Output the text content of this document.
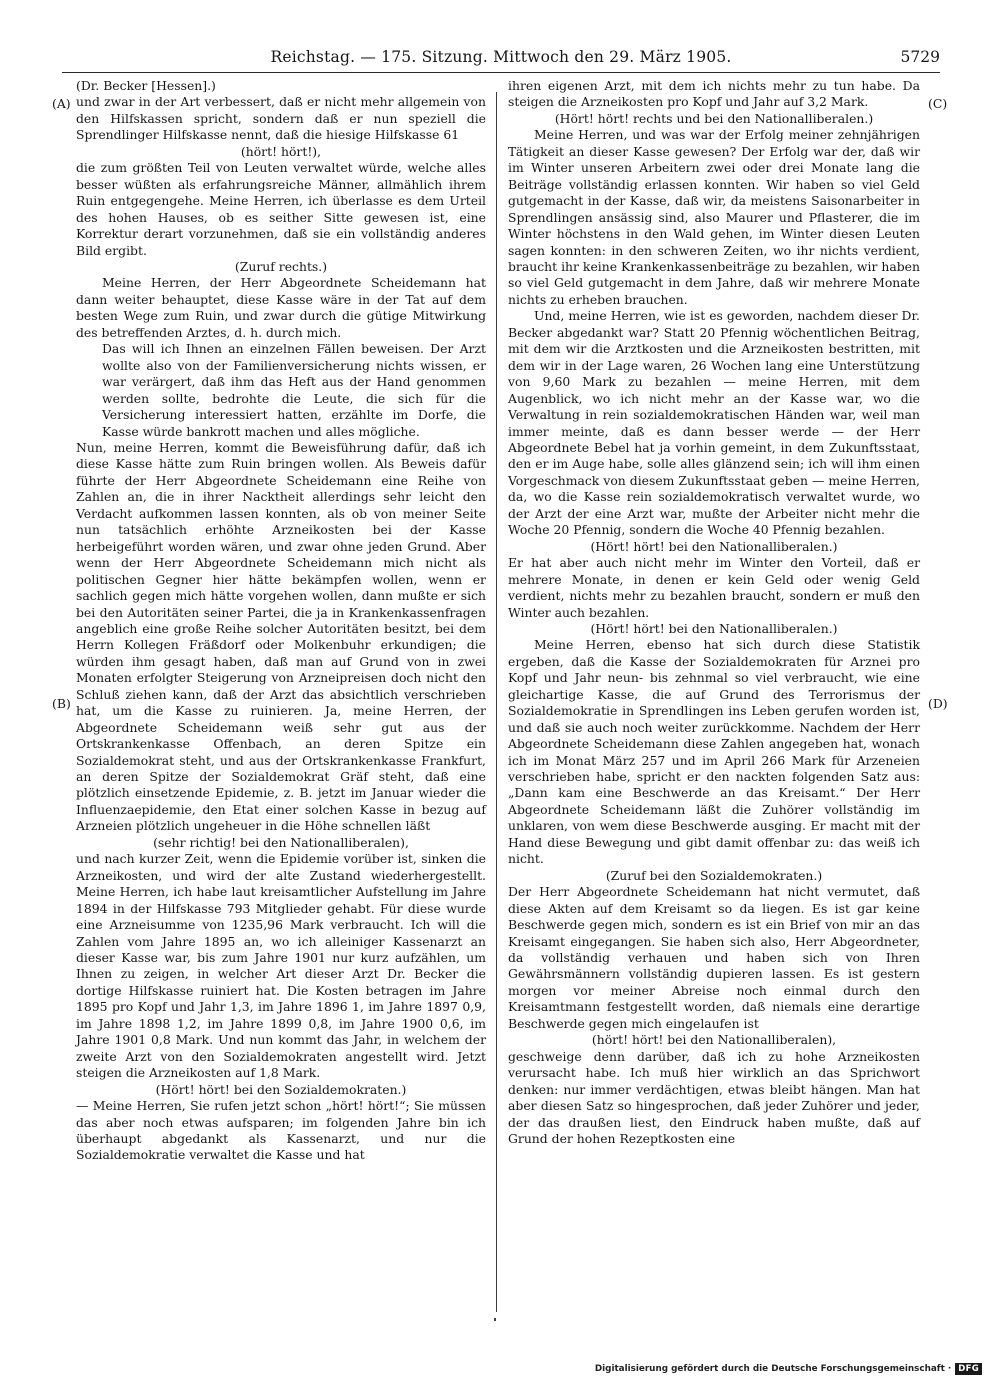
Reichstag. — 175. Sitzung. Mittwoch den 29. März 1905.	5729
(A)
(B)
(C)
(D)

(Dr. Becker [Hessen].)

und zwar in der Art verbessert, daß er nicht mehr allgemein von den Hilfskassen spricht, sondern daß er nun speziell die Sprendlinger Hilfskasse nennt, daß die hiesige Hilfskasse 61

(hört! hört!),

die zum größten Teil von Leuten verwaltet würde, welche alles besser wüßten als erfahrungsreiche Männer, allmählich ihrem Ruin entgegengehe. Meine Herren, ich überlasse es dem Urteil des hohen Hauses, ob es seither Sitte gewesen ist, eine Korrektur derart vorzunehmen, daß sie ein vollständig anderes Bild ergibt.

(Zuruf rechts.)

Meine Herren, der Herr Abgeordnete Scheidemann hat dann weiter behauptet, diese Kasse wäre in der Tat auf dem besten Wege zum Ruin, und zwar durch die gütige Mitwirkung des betreffenden Arztes, d. h. durch mich.

Das will ich Ihnen an einzelnen Fällen beweisen. Der Arzt wollte also von der Familienversicherung nichts wissen, er war verärgert, daß ihm das Heft aus der Hand genommen werden sollte, bedrohte die Leute, die sich für die Versicherung interessiert hatten, erzählte im Dorfe, die Kasse würde bankrott machen und alles mögliche.

Nun, meine Herren, kommt die Beweisführung dafür, daß ich diese Kasse hätte zum Ruin bringen wollen. Als Beweis dafür führte der Herr Abgeordnete Scheidemann eine Reihe von Zahlen an, die in ihrer Nacktheit allerdings sehr leicht den Verdacht aufkommen lassen konnten, als ob von meiner Seite nun tatsächlich erhöhte Arzneikosten bei der Kasse herbeigeführt worden wären, und zwar ohne jeden Grund. Aber wenn der Herr Abgeordnete Scheidemann mich nicht als politischen Gegner hier hätte bekämpfen wollen, wenn er sachlich gegen mich hätte vorgehen wollen, dann mußte er sich bei den Autoritäten seiner Partei, die ja in Krankenkassenfragen angeblich eine große Reihe solcher Autoritäten besitzt, bei dem Herrn Kollegen Fräßdorf oder Molkenbuhr erkundigen; die würden ihm gesagt haben, daß man auf Grund von in zwei Monaten erfolgter Steigerung von Arzneipreisen doch nicht den Schluß ziehen kann, daß der Arzt das absichtlich verschrieben hat, um die Kasse zu ruinieren. Ja, meine Herren, der Abgeordnete Scheidemann weiß sehr gut aus der Ortskrankenkasse Offenbach, an deren Spitze ein Sozialdemokrat steht, und aus der Ortskrankenkasse Frankfurt, an deren Spitze der Sozialdemokrat Gräf steht, daß eine plötzlich einsetzende Epidemie, z. B. jetzt im Januar wieder die Influenzaepidemie, den Etat einer solchen Kasse in bezug auf Arzneien plötzlich ungeheuer in die Höhe schnellen läßt

(sehr richtig! bei den Nationalliberalen),

und nach kurzer Zeit, wenn die Epidemie vorüber ist, sinken die Arzneikosten, und wird der alte Zustand wiederhergestellt. Meine Herren, ich habe laut kreisamtlicher Aufstellung im Jahre 1894 in der Hilfskasse 793 Mitglieder gehabt. Für diese wurde eine Arzneisumme von 1235,96 Mark verbraucht. Ich will die Zahlen vom Jahre 1895 an, wo ich alleiniger Kassenarzt an dieser Kasse war, bis zum Jahre 1901 nur kurz aufzählen, um Ihnen zu zeigen, in welcher Art dieser Arzt Dr. Becker die dortige Hilfskasse ruiniert hat. Die Kosten betragen im Jahre 1895 pro Kopf und Jahr 1,3, im Jahre 1896 1, im Jahre 1897 0,9, im Jahre 1898 1,2, im Jahre 1899 0,8, im Jahre 1900 0,6, im Jahre 1901 0,8 Mark. Und nun kommt das Jahr, in welchem der zweite Arzt von den Sozialdemokraten angestellt wird. Jetzt steigen die Arzneikosten auf 1,8 Mark.

(Hört! hört! bei den Sozialdemokraten.)

— Meine Herren, Sie rufen jetzt schon „hört! hört!“; Sie müssen das aber noch etwas aufsparen; im folgenden Jahre bin ich überhaupt abgedankt als Kassenarzt, und nur die Sozialdemokratie verwaltet die Kasse und hat

ihren eigenen Arzt, mit dem ich nichts mehr zu tun habe. Da steigen die Arzneikosten pro Kopf und Jahr auf 3,2 Mark.

(Hört! hört! rechts und bei den Nationalliberalen.)

Meine Herren, und was war der Erfolg meiner zehnjährigen Tätigkeit an dieser Kasse gewesen? Der Erfolg war der, daß wir im Winter unseren Arbeitern zwei oder drei Monate lang die Beiträge vollständig erlassen konnten. Wir haben so viel Geld gutgemacht in der Kasse, daß wir, da meistens Saisonarbeiter in Sprendlingen ansässig sind, also Maurer und Pflasterer, die im Winter höchstens in den Wald gehen, im Winter diesen Leuten sagen konnten: in den schweren Zeiten, wo ihr nichts verdient, braucht ihr keine Krankenkassenbeiträge zu bezahlen, wir haben so viel Geld gutgemacht in dem Jahre, daß wir mehrere Monate nichts zu erheben brauchen.

Und, meine Herren, wie ist es geworden, nachdem dieser Dr. Becker abgedankt war? Statt 20 Pfennig wöchentlichen Beitrag, mit dem wir die Arztkosten und die Arzneikosten bestritten, mit dem wir in der Lage waren, 26 Wochen lang eine Unterstützung von 9,60 Mark zu bezahlen — meine Herren, mit dem Augenblick, wo ich nicht mehr an der Kasse war, wo die Verwaltung in rein sozialdemokratischen Händen war, weil man immer meinte, daß es dann besser werde — der Herr Abgeordnete Bebel hat ja vorhin gemeint, in dem Zukunftsstaat, den er im Auge habe, solle alles glänzend sein; ich will ihm einen Vorgeschmack von diesem Zukunftsstaat geben — meine Herren, da, wo die Kasse rein sozialdemokratisch verwaltet wurde, wo der Arzt der eine Arzt war, mußte der Arbeiter nicht mehr die Woche 20 Pfennig, sondern die Woche 40 Pfennig bezahlen.

(Hört! hört! bei den Nationalliberalen.)

Er hat aber auch nicht mehr im Winter den Vorteil, daß er mehrere Monate, in denen er kein Geld oder wenig Geld verdient, nichts mehr zu bezahlen braucht, sondern er muß den Winter auch bezahlen.

(Hört! hört! bei den Nationalliberalen.)

Meine Herren, ebenso hat sich durch diese Statistik ergeben, daß die Kasse der Sozialdemokraten für Arznei pro Kopf und Jahr neun- bis zehnmal so viel verbraucht, wie eine gleichartige Kasse, die auf Grund des Terrorismus der Sozialdemokratie in Sprendlingen ins Leben gerufen worden ist, und daß sie auch noch weiter zurückkomme. Nachdem der Herr Abgeordnete Scheidemann diese Zahlen angegeben hat, wonach ich im Monat März 257 und im April 266 Mark für Arzeneien verschrieben habe, spricht er den nackten folgenden Satz aus: „Dann kam eine Beschwerde an das Kreisamt.“ Der Herr Abgeordnete Scheidemann läßt die Zuhörer vollständig im unklaren, von wem diese Beschwerde ausging. Er macht mit der Hand diese Bewegung und gibt damit offenbar zu: das weiß ich nicht.

(Zuruf bei den Sozialdemokraten.)

Der Herr Abgeordnete Scheidemann hat nicht vermutet, daß diese Akten auf dem Kreisamt so da liegen. Es ist gar keine Beschwerde gegen mich, sondern es ist ein Brief von mir an das Kreisamt eingegangen. Sie haben sich also, Herr Abgeordneter, da vollständig verhauen und haben sich von Ihren Gewährsmännern vollständig dupieren lassen. Es ist gestern morgen vor meiner Abreise noch einmal durch den Kreisamtmann festgestellt worden, daß niemals eine derartige Beschwerde gegen mich eingelaufen ist

(hört! hört! bei den Nationalliberalen),

geschweige denn darüber, daß ich zu hohe Arzneikosten verursacht habe. Ich muß hier wirklich an das Sprichwort denken: nur immer verdächtigen, etwas bleibt hängen. Man hat aber diesen Satz so hingesprochen, daß jeder Zuhörer und jeder, der das draußen liest, den Eindruck haben mußte, daß auf Grund der hohen Rezeptkosten eine

Digitalisierung gefördert durch die Deutsche Forschungsgemeinschaft · DFG
